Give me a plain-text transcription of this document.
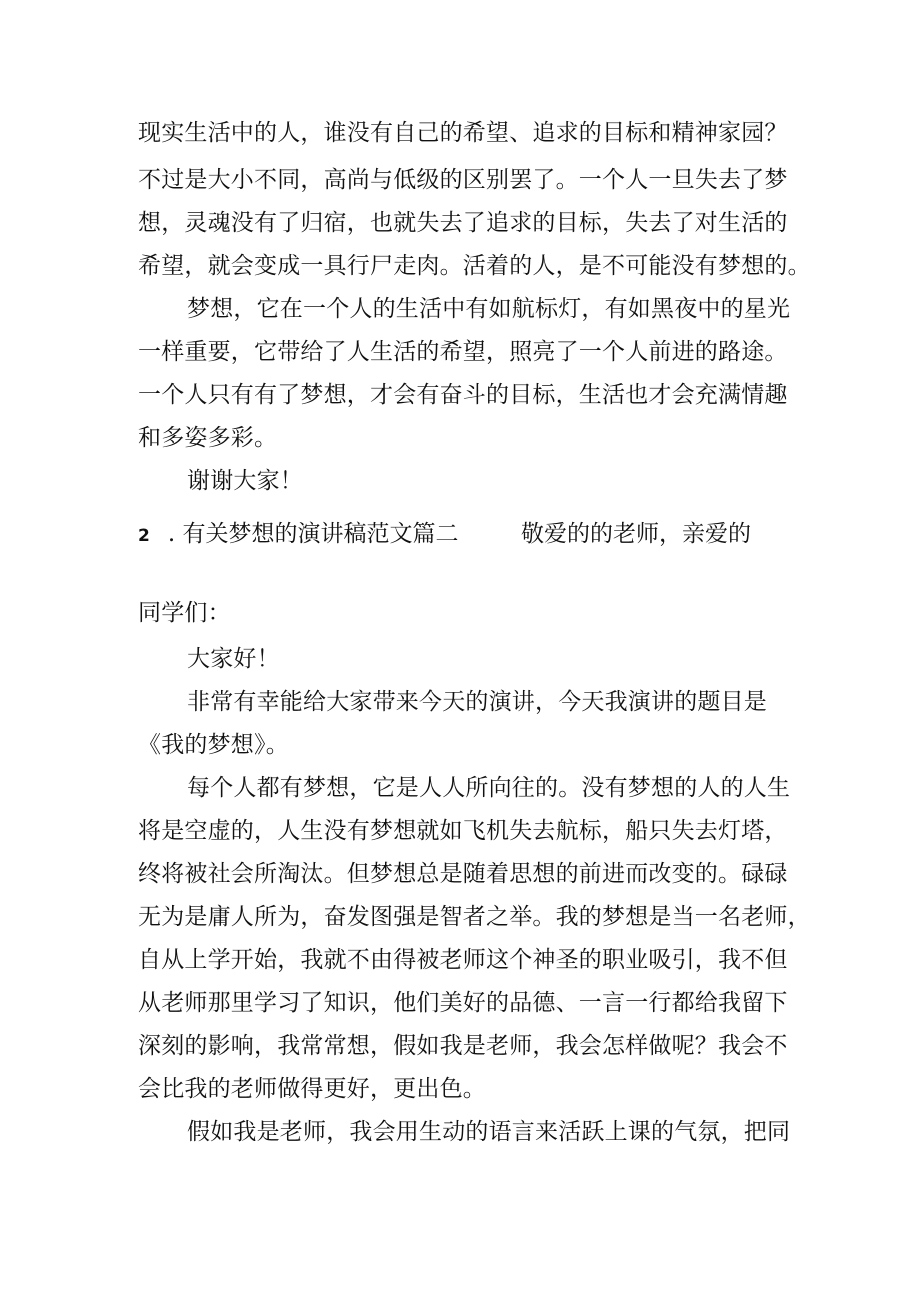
现实生活中的人，谁没有自己的希望、追求的目标和精神家园？
不过是大小不同，高尚与低级的区别罢了。一个人一旦失去了梦
想，灵魂没有了归宿，也就失去了追求的目标，失去了对生活的
希望，就会变成一具行尸走肉。活着的人，是不可能没有梦想的。
梦想，它在一个人的生活中有如航标灯，有如黑夜中的星光
一样重要，它带给了人生活的希望，照亮了一个人前进的路途。
一个人只有有了梦想，才会有奋斗的目标，生活也才会充满情趣
和多姿多彩。
谢谢大家！
2 . 有关梦想的演讲稿范文篇二	敬爱的的老师，亲爱的
同学们：
大家好！
非常有幸能给大家带来今天的演讲，今天我演讲的题目是
《我的梦想》。
每个人都有梦想，它是人人所向往的。没有梦想的人的人生
将是空虚的，人生没有梦想就如飞机失去航标，船只失去灯塔，
终将被社会所淘汰。但梦想总是随着思想的前进而改变的。碌碌
无为是庸人所为，奋发图强是智者之举。我的梦想是当一名老师，
自从上学开始，我就不由得被老师这个神圣的职业吸引，我不但
从老师那里学习了知识，他们美好的品德、一言一行都给我留下
深刻的影响，我常常想，假如我是老师，我会怎样做呢？我会不
会比我的老师做得更好，更出色。
假如我是老师，我会用生动的语言来活跃上课的气氛，把同
